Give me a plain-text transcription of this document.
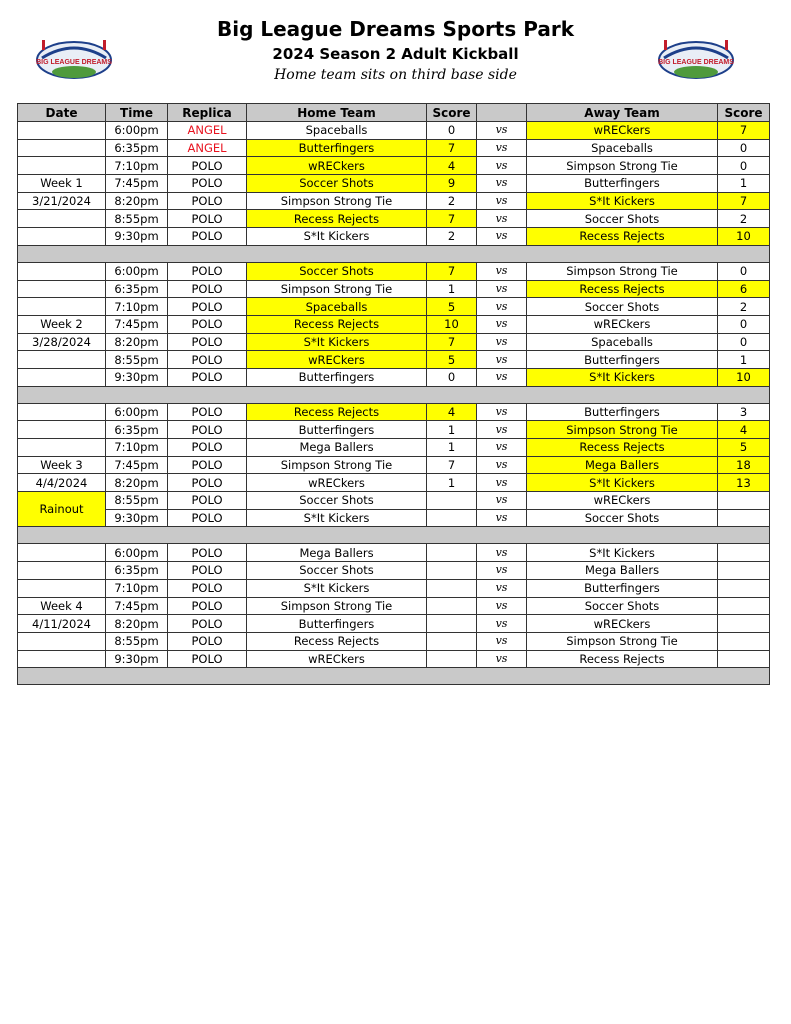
Big League Dreams Sports Park
2024 Season 2 Adult Kickball
Home team sits on third base side
BIG LEAGUE DREAMS	BIG LEAGUE DREAMS
Date	Time	Replica	Home Team	Score		Away Team	Score
	6:00pm	ANGEL	Spaceballs	0	vs	wRECkers	7
	6:35pm	ANGEL	Butterfingers	7	vs	Spaceballs	0
	7:10pm	POLO	wRECkers	4	vs	Simpson Strong Tie	0
Week 1	7:45pm	POLO	Soccer Shots	9	vs	Butterfingers	1
3/21/2024	8:20pm	POLO	Simpson Strong Tie	2	vs	S*It Kickers	7
	8:55pm	POLO	Recess Rejects	7	vs	Soccer Shots	2
	9:30pm	POLO	S*It Kickers	2	vs	Recess Rejects	10

	6:00pm	POLO	Soccer Shots	7	vs	Simpson Strong Tie	0
	6:35pm	POLO	Simpson Strong Tie	1	vs	Recess Rejects	6
	7:10pm	POLO	Spaceballs	5	vs	Soccer Shots	2
Week 2	7:45pm	POLO	Recess Rejects	10	vs	wRECkers	0
3/28/2024	8:20pm	POLO	S*It Kickers	7	vs	Spaceballs	0
	8:55pm	POLO	wRECkers	5	vs	Butterfingers	1
	9:30pm	POLO	Butterfingers	0	vs	S*It Kickers	10

	6:00pm	POLO	Recess Rejects	4	vs	Butterfingers	3
	6:35pm	POLO	Butterfingers	1	vs	Simpson Strong Tie	4
	7:10pm	POLO	Mega Ballers	1	vs	Recess Rejects	5
Week 3	7:45pm	POLO	Simpson Strong Tie	7	vs	Mega Ballers	18
4/4/2024	8:20pm	POLO	wRECkers	1	vs	S*It Kickers	13
Rainout	8:55pm	POLO	Soccer Shots		vs	wRECkers	
	9:30pm	POLO	S*It Kickers		vs	Soccer Shots	

	6:00pm	POLO	Mega Ballers		vs	S*It Kickers	
	6:35pm	POLO	Soccer Shots		vs	Mega Ballers	
	7:10pm	POLO	S*It Kickers		vs	Butterfingers	
Week 4	7:45pm	POLO	Simpson Strong Tie		vs	Soccer Shots	
4/11/2024	8:20pm	POLO	Butterfingers		vs	wRECkers	
	8:55pm	POLO	Recess Rejects		vs	Simpson Strong Tie	
	9:30pm	POLO	wRECkers		vs	Recess Rejects	
